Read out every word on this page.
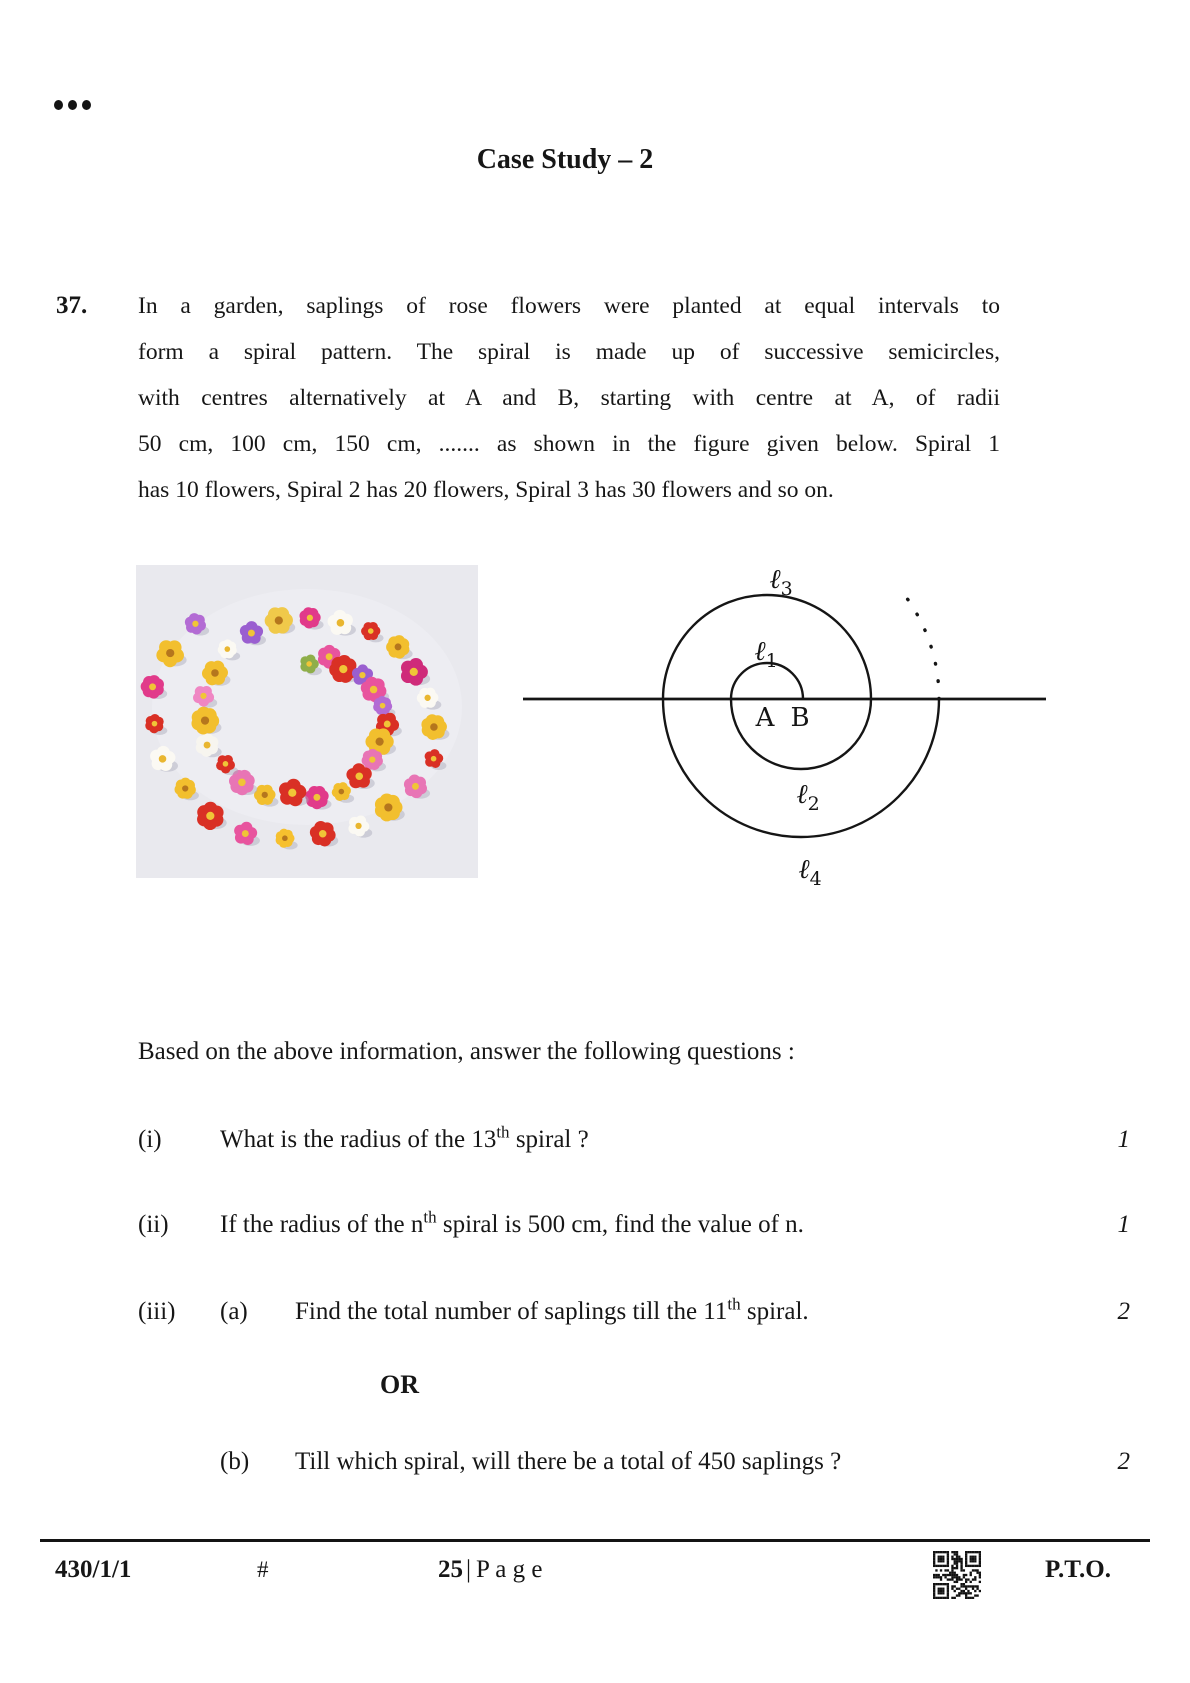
Case Study – 2
37. In a garden, saplings of rose flowers were planted at equal intervals to
form a spiral pattern. The spiral is made up of successive semicircles,
with centres alternatively at A and B, starting with centre at A, of radii
50 cm, 100 cm, 150 cm, ....... as shown in the figure given below. Spiral 1
has 10 flowers, Spiral 2 has 20 flowers, Spiral 3 has 30 flowers and so on.
ℓ3
ℓ1
A B
ℓ2
ℓ4
Based on the above information, answer the following questions :
(i) What is the radius of the 13th spiral ?	1
(ii) If the radius of the $n^{th}$ spiral is 500 cm, find the value of n.	1
(iii) (a) Find the total number of saplings till the 11th spiral.	2
OR
(b) Till which spiral, will there be a total of 450 saplings ?	2
430/1/1	#	25 | P a g e	P.T.O.
